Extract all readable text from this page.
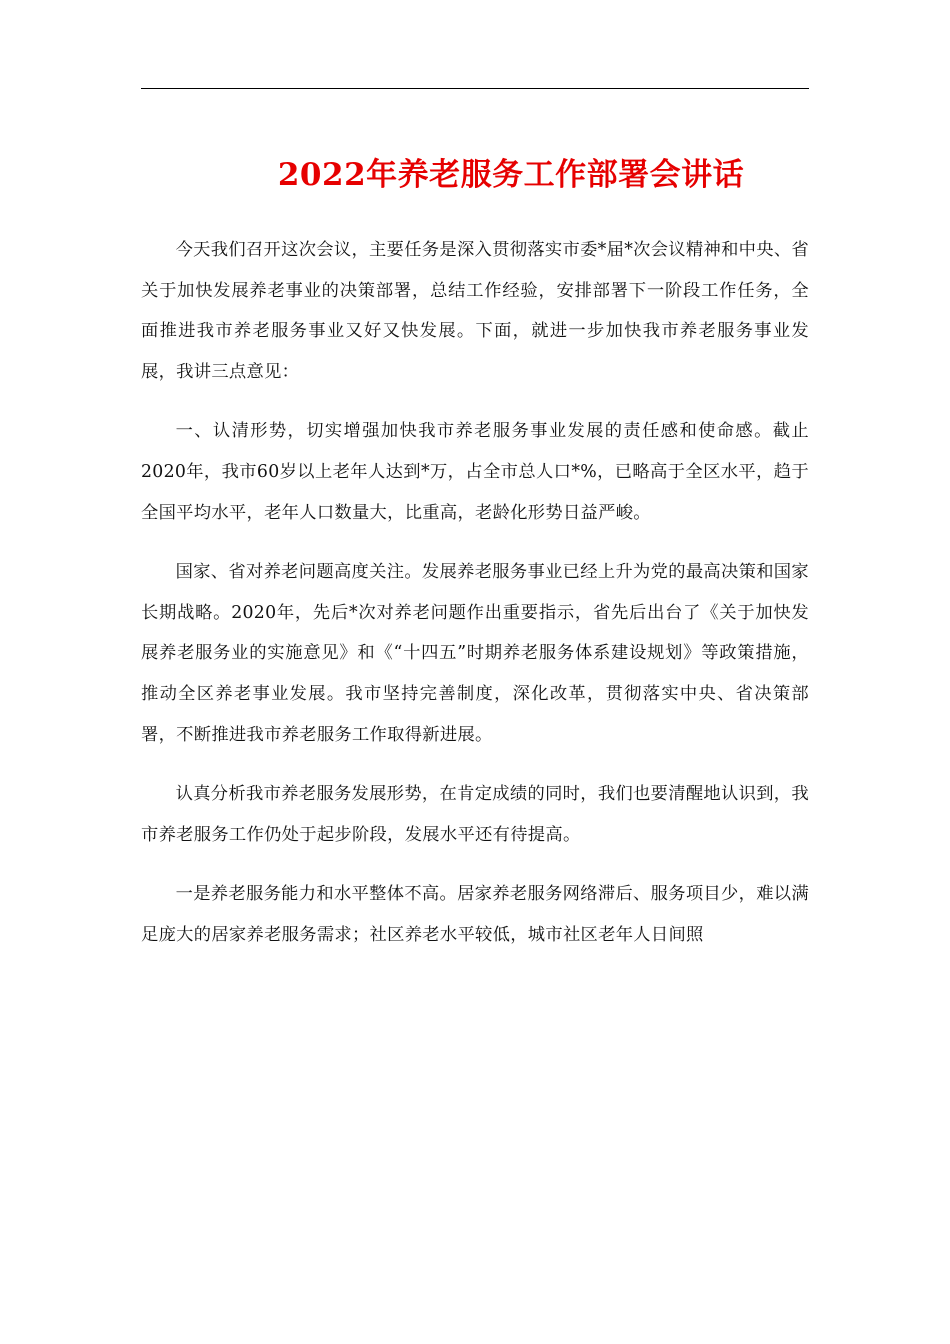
2022年养老服务工作部署会讲话

今天我们召开这次会议，主要任务是深入贯彻落实市委*届*次会议精神和中央、省关于加快发展养老事业的决策部署，总结工作经验，安排部署下一阶段工作任务，全面推进我市养老服务事业又好又快发展。下面，就进一步加快我市养老服务事业发展，我讲三点意见：

一、认清形势，切实增强加快我市养老服务事业发展的责任感和使命感。截止2020年，我市60岁以上老年人达到*万，占全市总人口*%，已略高于全区水平，趋于全国平均水平，老年人口数量大，比重高，老龄化形势日益严峻。

国家、省对养老问题高度关注。发展养老服务事业已经上升为党的最高决策和国家长期战略。2020年，先后*次对养老问题作出重要指示，省先后出台了《关于加快发展养老服务业的实施意见》和《“十四五”时期养老服务体系建设规划》等政策措施，推动全区养老事业发展。我市坚持完善制度，深化改革，贯彻落实中央、省决策部署，不断推进我市养老服务工作取得新进展。

认真分析我市养老服务发展形势，在肯定成绩的同时，我们也要清醒地认识到，我市养老服务工作仍处于起步阶段，发展水平还有待提高。

一是养老服务能力和水平整体不高。居家养老服务网络滞后、服务项目少，难以满足庞大的居家养老服务需求；社区养老水平较低，城市社区老年人日间照
